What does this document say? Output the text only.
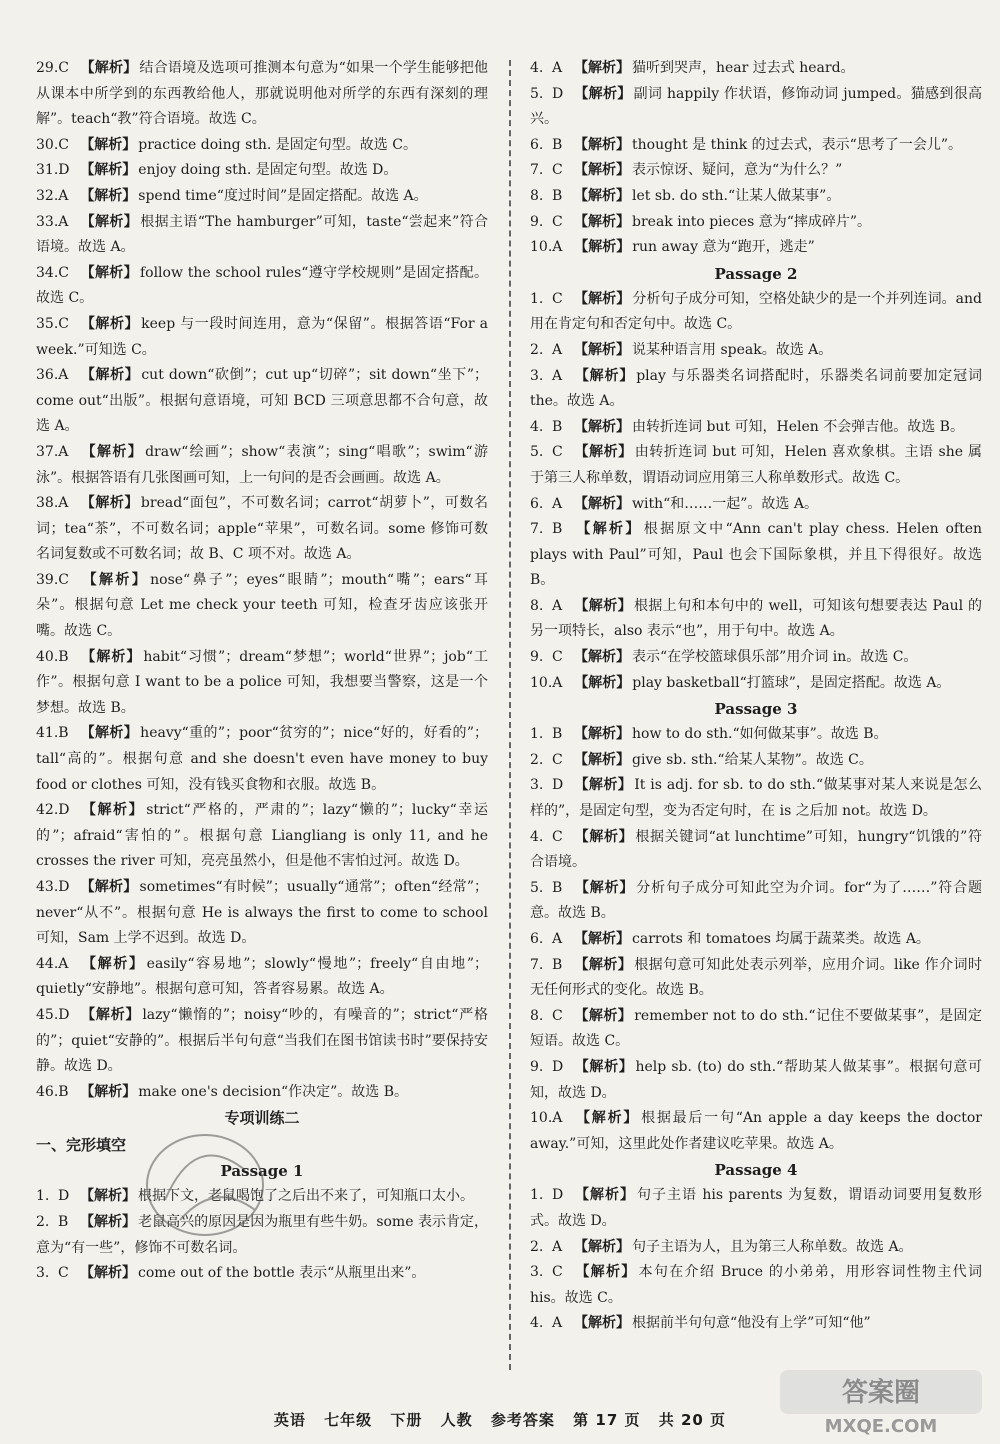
29.C 【解析】 结合语境及选项可推测本句意为“如果一个学生能够把他从课本中所学到的东西教给他人，那就说明他对所学的东西有深刻的理解”。teach“教”符合语境。故选 C。

30.C 【解析】 practice doing sth. 是固定句型。故选 C。

31.D 【解析】 enjoy doing sth. 是固定句型。故选 D。

32.A 【解析】 spend time“度过时间”是固定搭配。故选 A。

33.A 【解析】 根据主语“The hamburger”可知，taste“尝起来”符合语境。故选 A。

34.C 【解析】 follow the school rules“遵守学校规则”是固定搭配。故选 C。

35.C 【解析】 keep 与一段时间连用，意为“保留”。根据答语“For a week.”可知选 C。

36.A 【解析】 cut down“砍倒”；cut up“切碎”；sit down“坐下”；come out“出版”。根据句意语境，可知 BCD 三项意思都不合句意，故选 A。

37.A 【解析】 draw“绘画”；show“表演”；sing“唱歌”；swim“游泳”。根据答语有几张图画可知，上一句问的是否会画画。故选 A。

38.A 【解析】 bread“面包”，不可数名词；carrot“胡萝卜”，可数名词；tea“茶”，不可数名词；apple“苹果”，可数名词。some 修饰可数名词复数或不可数名词；故 B、C 项不对。故选 A。

39.C 【解析】 nose“鼻子”；eyes“眼睛”；mouth“嘴”；ears“耳朵”。根据句意 Let me check your teeth 可知，检查牙齿应该张开嘴。故选 C。

40.B 【解析】 habit“习惯”；dream“梦想”；world“世界”；job“工作”。根据句意 I want to be a police 可知，我想要当警察，这是一个梦想。故选 B。

41.B 【解析】 heavy“重的”；poor“贫穷的”；nice“好的，好看的”；tall“高的”。根据句意 and she doesn't even have money to buy food or clothes 可知，没有钱买食物和衣服。故选 B。

42.D 【解析】 strict“严格的，严肃的”；lazy“懒的”；lucky“幸运的”；afraid“害怕的”。根据句意 Liangliang is only 11, and he crosses the river 可知，亮亮虽然小，但是他不害怕过河。故选 D。

43.D 【解析】 sometimes“有时候”；usually“通常”；often“经常”；never“从不”。根据句意 He is always the first to come to school 可知，Sam 上学不迟到。故选 D。

44.A 【解析】 easily“容易地”；slowly“慢地”；freely“自由地”；quietly“安静地”。根据句意可知，答者容易累。故选 A。

45.D 【解析】 lazy“懒惰的”；noisy“吵的，有噪音的”；strict“严格的”；quiet“安静的”。根据后半句句意“当我们在图书馆读书时”要保持安静。故选 D。

46.B 【解析】 make one's decision“作决定”。故选 B。

专项训练二
一、完形填空
Passage 1

1. D 【解析】 根据下文，老鼠喝饱了之后出不来了，可知瓶口太小。

2. B 【解析】 老鼠高兴的原因是因为瓶里有些牛奶。some 表示肯定，意为“有一些”，修饰不可数名词。

3. C 【解析】 come out of the bottle 表示“从瓶里出来”。

4. A 【解析】 猫听到哭声，hear 过去式 heard。

5. D 【解析】 副词 happily 作状语，修饰动词 jumped。猫感到很高兴。

6. B 【解析】 thought 是 think 的过去式，表示“思考了一会儿”。

7. C 【解析】 表示惊讶、疑问，意为“为什么？”

8. B 【解析】 let sb. do sth.“让某人做某事”。

9. C 【解析】 break into pieces 意为“摔成碎片”。

10.A 【解析】 run away 意为“跑开，逃走”

Passage 2

1. C 【解析】 分析句子成分可知，空格处缺少的是一个并列连词。and 用在肯定句和否定句中。故选 C。

2. A 【解析】 说某种语言用 speak。故选 A。

3. A 【解析】 play 与乐器类名词搭配时，乐器类名词前要加定冠词 the。故选 A。

4. B 【解析】 由转折连词 but 可知，Helen 不会弹吉他。故选 B。

5. C 【解析】 由转折连词 but 可知，Helen 喜欢象棋。主语 she 属于第三人称单数，谓语动词应用第三人称单数形式。故选 C。

6. A 【解析】 with“和……一起”。故选 A。

7. B 【解析】 根据原文中“Ann can't play chess. Helen often plays with Paul”可知，Paul 也会下国际象棋，并且下得很好。故选 B。

8. A 【解析】 根据上句和本句中的 well，可知该句想要表达 Paul 的另一项特长，also 表示“也”，用于句中。故选 A。

9. C 【解析】 表示“在学校篮球俱乐部”用介词 in。故选 C。

10.A 【解析】 play basketball“打篮球”，是固定搭配。故选 A。

Passage 3

1. B 【解析】 how to do sth.“如何做某事”。故选 B。

2. C 【解析】 give sb. sth.“给某人某物”。故选 C。

3. D 【解析】 It is adj. for sb. to do sth.“做某事对某人来说是怎么样的”，是固定句型，变为否定句时，在 is 之后加 not。故选 D。

4. C 【解析】 根据关键词“at lunchtime”可知，hungry“饥饿的”符合语境。

5. B 【解析】 分析句子成分可知此空为介词。for“为了……”符合题意。故选 B。

6. A 【解析】 carrots 和 tomatoes 均属于蔬菜类。故选 A。

7. B 【解析】 根据句意可知此处表示列举，应用介词。like 作介词时无任何形式的变化。故选 B。

8. C 【解析】 remember not to do sth.“记住不要做某事”，是固定短语。故选 C。

9. D 【解析】 help sb. (to) do sth.“帮助某人做某事”。根据句意可知，故选 D。

10.A 【解析】 根据最后一句“An apple a day keeps the doctor away.”可知，这里此处作者建议吃苹果。故选 A。

Passage 4

1. D 【解析】 句子主语 his parents 为复数，谓语动词要用复数形式。故选 D。

2. A 【解析】 句子主语为人，且为第三人称单数。故选 A。

3. C 【解析】 本句在介绍 Bruce 的小弟弟，用形容词性物主代词 his。故选 C。

4. A 【解析】 根据前半句句意“他没有上学”可知“他”

英语 七年级 下册 人教 参考答案 第 17 页 共 20 页
答案圈
MXQE.COM
